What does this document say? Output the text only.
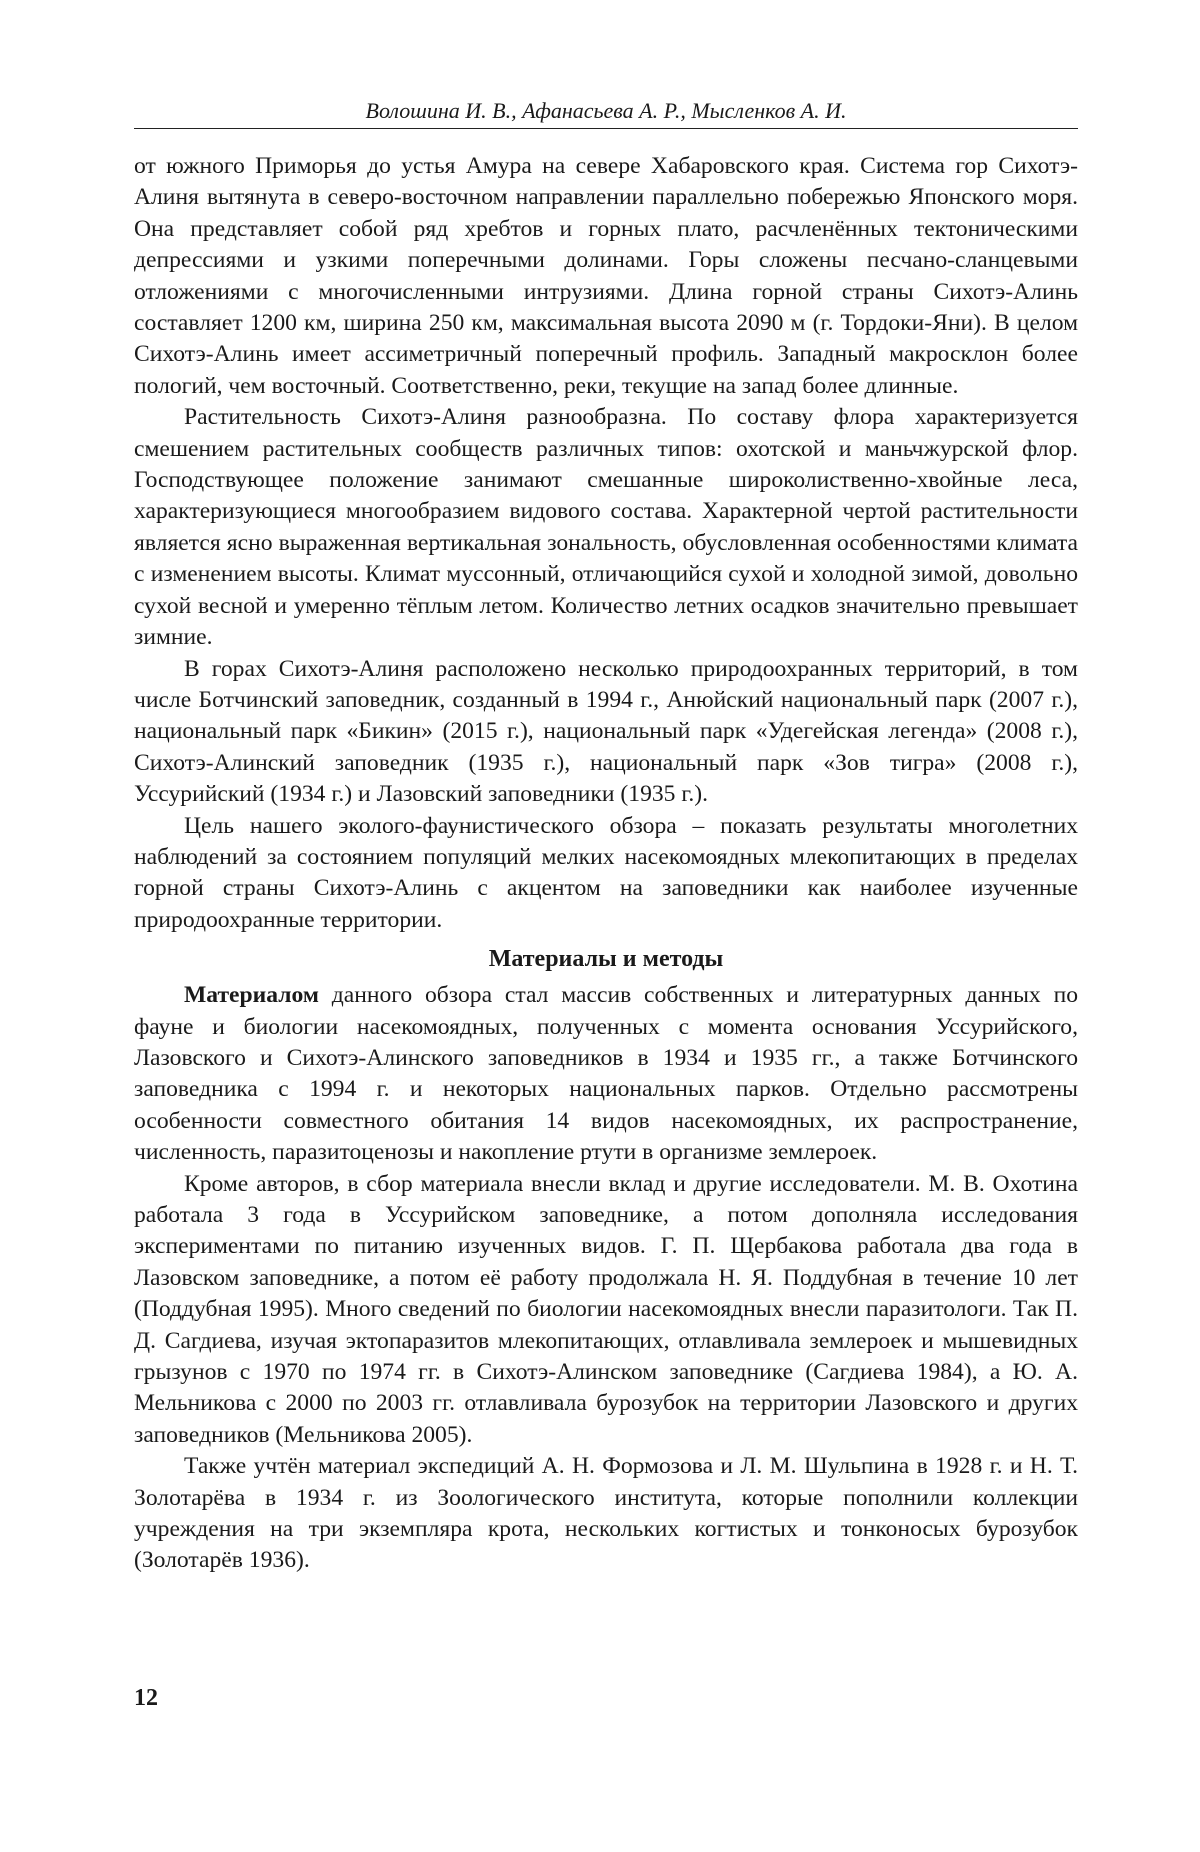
Волошина И. В., Афанасьева А. Р., Мысленков А. И.

от южного Приморья до устья Амура на севере Хабаровского края. Система гор Сихотэ-Алиня вытянута в северо-восточном направлении параллельно побережью Японского моря. Она представляет собой ряд хребтов и горных плато, расчленённых тектоническими депрессиями и узкими поперечными долинами. Горы сложены песчано-сланцевыми отложениями с многочисленными интрузиями. Длина горной страны Сихотэ-Алинь составляет 1200 км, ширина 250 км, максимальная высота 2090 м (г. Тордоки-Яни). В целом Сихотэ-Алинь имеет ассиметричный поперечный профиль. Западный макросклон более пологий, чем восточный. Соответственно, реки, текущие на запад более длинные.

Растительность Сихотэ-Алиня разнообразна. По составу флора характеризуется смешением растительных сообществ различных типов: охотской и маньчжурской флор. Господствующее положение занимают смешанные широколиственно-хвойные леса, характеризующиеся многообразием видового состава. Характерной чертой растительности является ясно выраженная вертикальная зональность, обусловленная особенностями климата с изменением высоты. Климат муссонный, отличающийся сухой и холодной зимой, довольно сухой весной и умеренно тёплым летом. Количество летних осадков значительно превышает зимние.

В горах Сихотэ-Алиня расположено несколько природоохранных территорий, в том числе Ботчинский заповедник, созданный в 1994 г., Анюйский национальный парк (2007 г.), национальный парк «Бикин» (2015 г.), национальный парк «Удегейская легенда» (2008 г.), Сихотэ-Алинский заповедник (1935 г.), национальный парк «Зов тигра» (2008 г.), Уссурийский (1934 г.) и Лазовский заповедники (1935 г.).

Цель нашего эколого-фаунистического обзора – показать результаты многолетних наблюдений за состоянием популяций мелких насекомоядных млекопитающих в пределах горной страны Сихотэ-Алинь с акцентом на заповедники как наиболее изученные природоохранные территории.

Материалы и методы

Материалом данного обзора стал массив собственных и литературных данных по фауне и биологии насекомоядных, полученных с момента основания Уссурийского, Лазовского и Сихотэ-Алинского заповедников в 1934 и 1935 гг., а также Ботчинского заповедника с 1994 г. и некоторых национальных парков. Отдельно рассмотрены особенности совместного обитания 14 видов насекомоядных, их распространение, численность, паразитоценозы и накопление ртути в организме землероек.

Кроме авторов, в сбор материала внесли вклад и другие исследователи. М. В. Охотина работала 3 года в Уссурийском заповеднике, а потом дополняла исследования экспериментами по питанию изученных видов. Г. П. Щербакова работала два года в Лазовском заповеднике, а потом её работу продолжала Н. Я. Поддубная в течение 10 лет (Поддубная 1995). Много сведений по биологии насекомоядных внесли паразитологи. Так П. Д. Сагдиева, изучая эктопаразитов млекопитающих, отлавливала землероек и мышевидных грызунов с 1970 по 1974 гг. в Сихотэ-Алинском заповеднике (Сагдиева 1984), а Ю. А. Мельникова с 2000 по 2003 гг. отлавливала бурозубок на территории Лазовского и других заповедников (Мельникова 2005).

Также учтён материал экспедиций А. Н. Формозова и Л. М. Шульпина в 1928 г. и Н. Т. Золотарёва в 1934 г. из Зоологического института, которые пополнили коллекции учреждения на три экземпляра крота, нескольких когтистых и тонконосых бурозубок (Золотарёв 1936).

12
